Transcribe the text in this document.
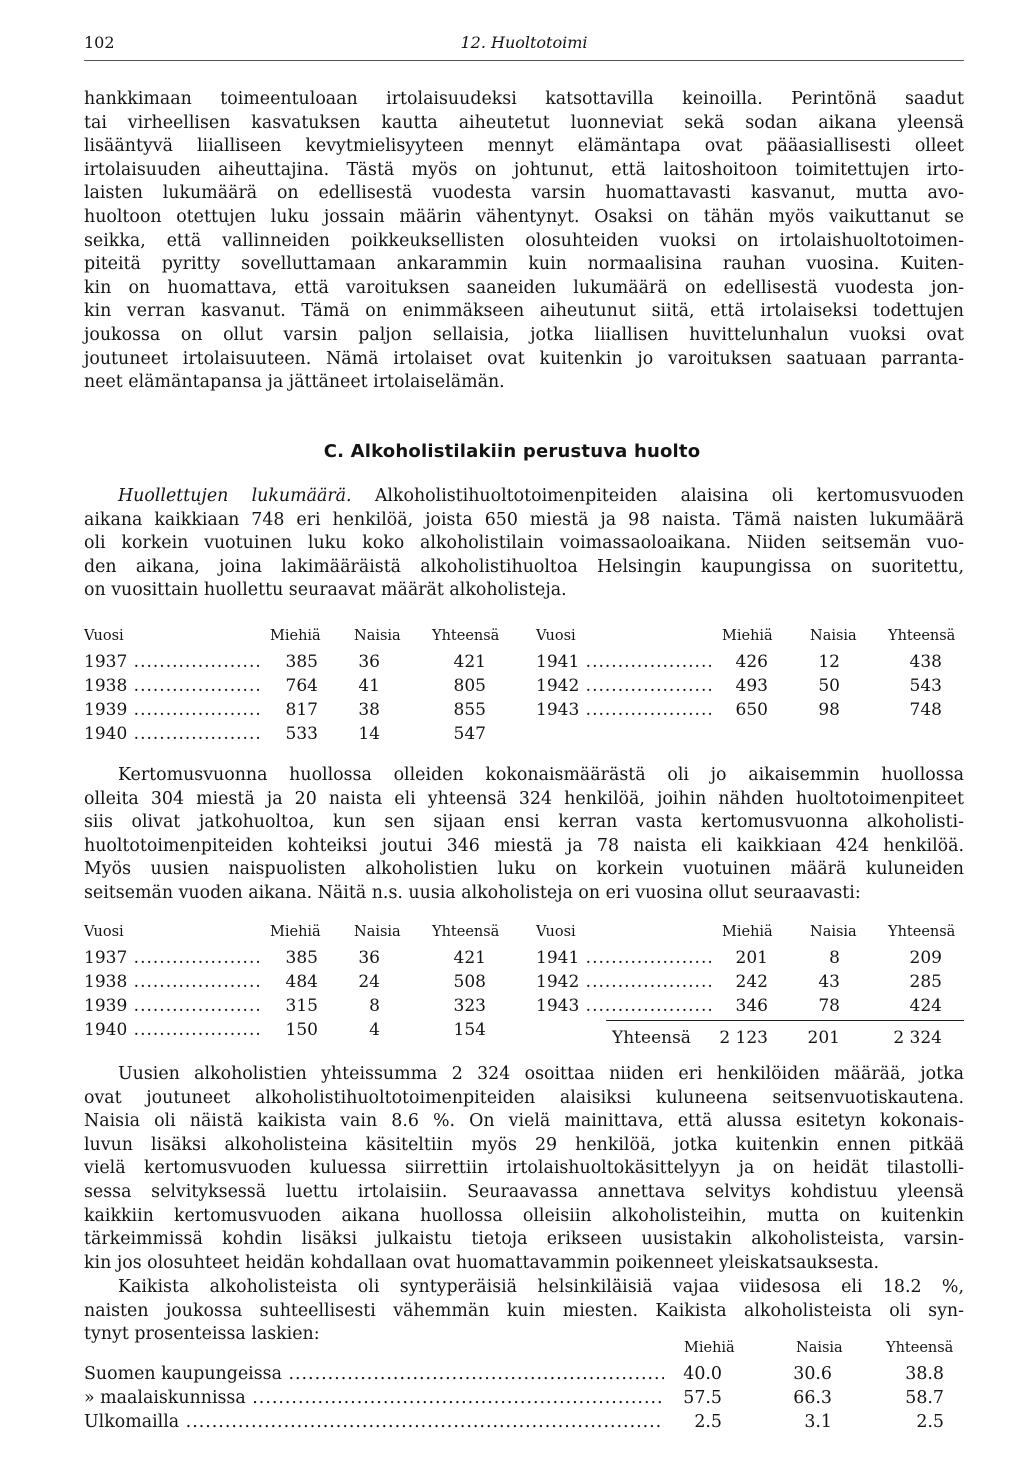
102	12. Huoltotoimi
hankkimaan toimeentuloaan irtolaisuudeksi katsottavilla keinoilla. Perintönä saadut
tai virheellisen kasvatuksen kautta aiheutetut luonneviat sekä sodan aikana yleensä
lisääntyvä liialliseen kevytmielisyyteen mennyt elämäntapa ovat pääasiallisesti olleet
irtolaisuuden aiheuttajina. Tästä myös on johtunut, että laitoshoitoon toimitettujen irto-
laisten lukumäärä on edellisestä vuodesta varsin huomattavasti kasvanut, mutta avo-
huoltoon otettujen luku jossain määrin vähentynyt. Osaksi on tähän myös vaikuttanut se
seikka, että vallinneiden poikkeuksellisten olosuhteiden vuoksi on irtolaishuoltotoimen-
piteitä pyritty sovelluttamaan ankarammin kuin normaalisina rauhan vuosina. Kuiten-
kin on huomattava, että varoituksen saaneiden lukumäärä on edellisestä vuodesta jon-
kin verran kasvanut. Tämä on enimmäkseen aiheutunut siitä, että irtolaiseksi todettujen
joukossa on ollut varsin paljon sellaisia, jotka liiallisen huvittelunhalun vuoksi ovat
joutuneet irtolaisuuteen. Nämä irtolaiset ovat kuitenkin jo varoituksen saatuaan parranta-
neet elämäntapansa ja jättäneet irtolaiselämän.
C. Alkoholistilakiin perustuva huolto
Huollettujen lukumäärä. Alkoholistihuoltotoimenpiteiden alaisina oli kertomusvuoden
aikana kaikkiaan 748 eri henkilöä, joista 650 miestä ja 98 naista. Tämä naisten lukumäärä
oli korkein vuotuinen luku koko alkoholistilain voimassaoloaikana. Niiden seitsemän vuo-
den aikana, joina lakimääräistä alkoholistihuoltoa Helsingin kaupungissa on suoritettu,
on vuosittain huollettu seuraavat määrät alkoholisteja.
Vuosi	Miehiä Naisia Yhteensä	Vuosi	Miehiä	Naisia Yhteensä
1937 .....	385	36	421	1941 .....	426	12	438
1938 .....	764	41	805	1942 .....	493	50	543
1939 .....	817	38	855	1943 .....	650	98	748
1940 .....	533	14	547
Kertomusvuonna huollossa olleiden kokonaismäärästä oli jo aikaisemmin huollossa
olleita 304 miestä ja 20 naista eli yhteensä 324 henkilöä, joihin nähden huoltotoimenpiteet
siis olivat jatkohuoltoa, kun sen sijaan ensi kerran vasta kertomusvuonna alkoholisti-
huoltotoimenpiteiden kohteiksi joutui 346 miestä ja 78 naista eli kaikkiaan 424 henkilöä.
Myös uusien naispuolisten alkoholistien luku on korkein vuotuinen määrä kuluneiden
seitsemän vuoden aikana. Näitä n.s. uusia alkoholisteja on eri vuosina ollut seuraavasti:
Vuosi	Miehiä Naisia Yhteensä	Vuosi	Miehiä	Naisia Yhteensä
1937 .....	385	36	421	1941 .....	201	8	209
1938 .....	484	24	508	1942 .....	242	43	285
1939 .....	315	8	323	1943 .....	346	78	424
1940 .....	150	4	154	Yhteensä	2 123	201	2 324
Uusien alkoholistien yhteissumma 2 324 osoittaa niiden eri henkilöiden määrää, jotka
ovat joutuneet alkoholistihuoltotoimenpiteiden alaisiksi kuluneena seitsenvuotiskautena.
Naisia oli näistä kaikista vain 8.6 %. On vielä mainittava, että alussa esitetyn kokonais-
luvun lisäksi alkoholisteina käsiteltiin myös 29 henkilöä, jotka kuitenkin ennen pitkää
vielä kertomusvuoden kuluessa siirrettiin irtolaishuoltokäsittelyyn ja on heidät tilastolli-
sessa selvityksessä luettu irtolaisiin. Seuraavassa annettava selvitys kohdistuu yleensä
kaikkiin kertomusvuoden aikana huollossa olleisiin alkoholisteihin, mutta on kuitenkin
tärkeimmissä kohdin lisäksi julkaistu tietoja erikseen uusistakin alkoholisteista, varsin-
kin jos olosuhteet heidän kohdallaan ovat huomattavammin poikenneet yleiskatsauksesta.
Kaikista alkoholisteista oli syntyperäisiä helsinkiläisiä vajaa viidesosa eli 18.2 %,
naisten joukossa suhteellisesti vähemmän kuin miesten. Kaikista alkoholisteista oli syn-
tynyt prosenteissa laskien:
Miehiä	Naisia	Yhteensä
Suomen kaupungeissa .....	40.0	30.6	38.8
» maalaiskunnissa .....	57.5	66.3	58.7
Ulkomailla .....	2.5	3.1	2.5
